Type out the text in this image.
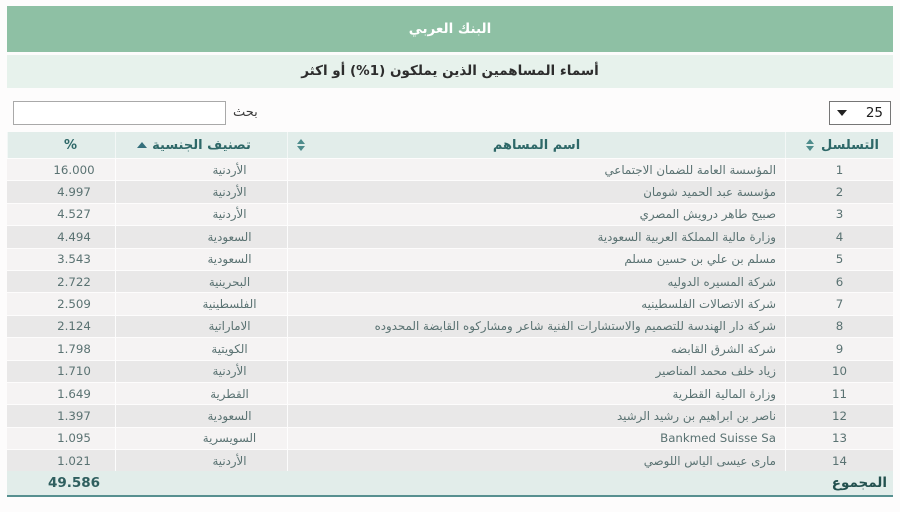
البنك العربي
أسماء المساهمين الذين يملكون (1%) أو اكثر
25
بحث
التسلسل
اسم المساهم
تصنيف الجنسية
%
1
المؤسسة العامة للضمان الاجتماعي
الأردنية
16.000
2
مؤسسة عبد الحميد شومان
الأردنية
4.997
3
صبيح طاهر درويش المصري
الأردنية
4.527
4
وزارة مالية المملكة العربية السعودية
السعودية
4.494
5
مسلم بن علي بن حسين مسلم
السعودية
3.543
6
شركة المسيره الدوليه
البحرينية
2.722
7
شركة الاتصالات الفلسطينيه
الفلسطينية
2.509
8
شركة دار الهندسة للتصميم والاستشارات الفنية شاعر ومشاركوه القابضة المحدوده
الاماراتية
2.124
9
شركة الشرق القابضه
الكويتية
1.798
10
زياد خلف محمد المناصير
الأردنية
1.710
11
وزارة المالية القطرية
القطرية
1.649
12
ناصر بن ابراهيم بن رشيد الرشيد
السعودية
1.397
13
Bankmed Suisse Sa
السويسرية
1.095
14
مارى عيسى الياس اللوصي
الأردنية
1.021
المجموع
49.586
